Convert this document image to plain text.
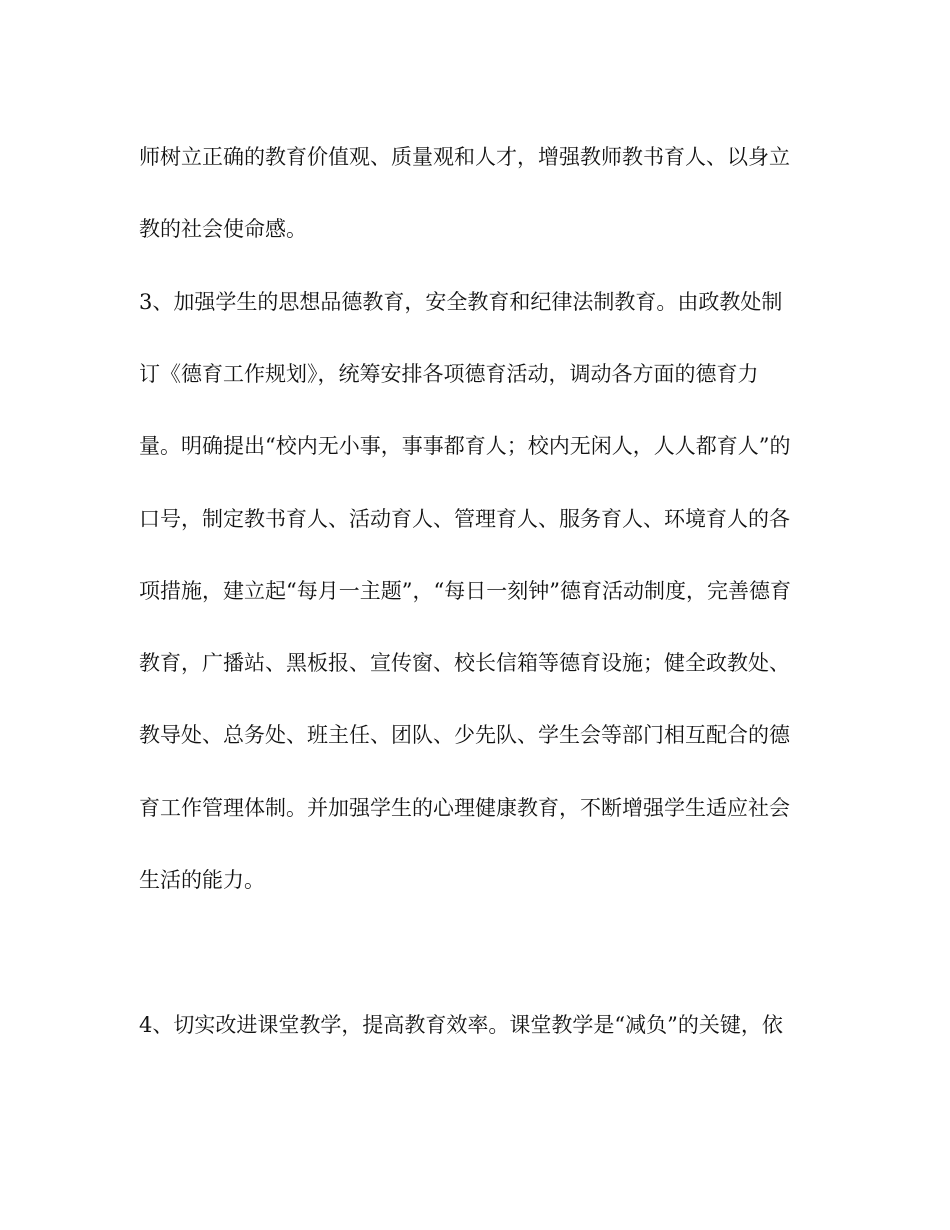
师树立正确的教育价值观、质量观和人才，增强教师教书育人、以身立
教的社会使命感。
3、加强学生的思想品德教育，安全教育和纪律法制教育。由政教处制
订《德育工作规划》，统筹安排各项德育活动，调动各方面的德育力
量。明确提出“校内无小事，事事都育人；校内无闲人，人人都育人”的
口号，制定教书育人、活动育人、管理育人、服务育人、环境育人的各
项措施，建立起“每月一主题”，“每日一刻钟”德育活动制度，完善德育
教育，广播站、黑板报、宣传窗、校长信箱等德育设施；健全政教处、
教导处、总务处、班主任、团队、少先队、学生会等部门相互配合的德
育工作管理体制。并加强学生的心理健康教育，不断增强学生适应社会
生活的能力。
4、切实改进课堂教学，提高教育效率。课堂教学是“减负”的关键，依
